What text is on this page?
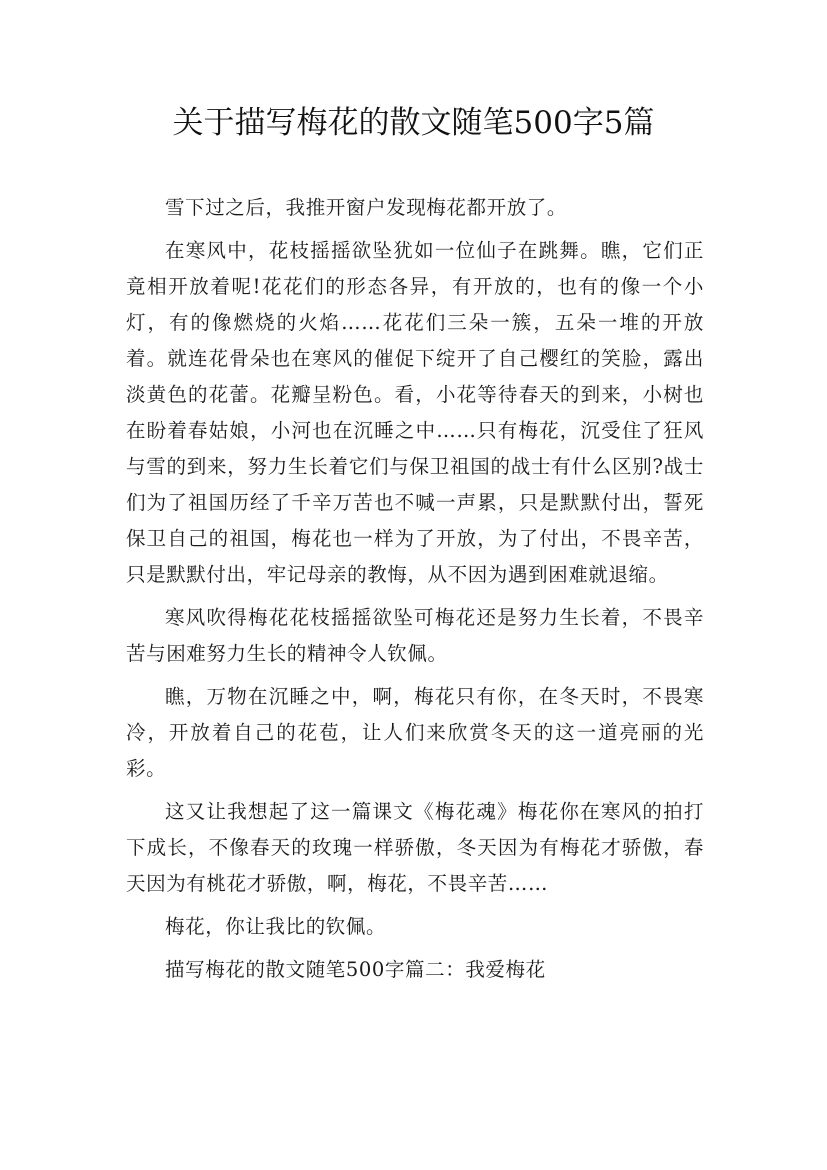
关于描写梅花的散文随笔500字5篇

雪下过之后，我推开窗户发现梅花都开放了。

在寒风中，花枝摇摇欲坠犹如一位仙子在跳舞。瞧，它们正竟相开放着呢!花花们的形态各异，有开放的，也有的像一个小灯，有的像燃烧的火焰……花花们三朵一簇，五朵一堆的开放着。就连花骨朵也在寒风的催促下绽开了自己樱红的笑脸，露出淡黄色的花蕾。花瓣呈粉色。看，小花等待春天的到来，小树也在盼着春姑娘，小河也在沉睡之中……只有梅花，沉受住了狂风与雪的到来，努力生长着它们与保卫祖国的战士有什么区别?战士们为了祖国历经了千辛万苦也不喊一声累，只是默默付出，誓死保卫自己的祖国，梅花也一样为了开放，为了付出，不畏辛苦，只是默默付出，牢记母亲的教悔，从不因为遇到困难就退缩。

寒风吹得梅花花枝摇摇欲坠可梅花还是努力生长着，不畏辛苦与困难努力生长的精神令人钦佩。

瞧，万物在沉睡之中，啊，梅花只有你，在冬天时，不畏寒冷，开放着自己的花苞，让人们来欣赏冬天的这一道亮丽的光彩。

这又让我想起了这一篇课文《梅花魂》梅花你在寒风的拍打下成长，不像春天的玫瑰一样骄傲，冬天因为有梅花才骄傲，春天因为有桃花才骄傲，啊，梅花，不畏辛苦……

梅花，你让我比的钦佩。

描写梅花的散文随笔500字篇二：我爱梅花
